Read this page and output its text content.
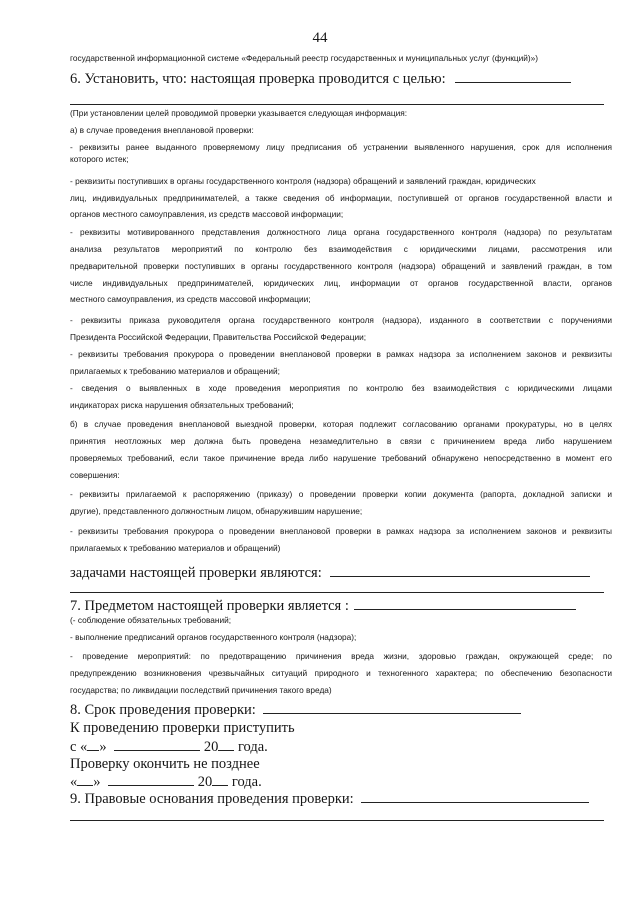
44
государственной информационной системе «Федеральный реестр государственных и муниципальных услуг (функций)»)
6. Установить, что: настоящая проверка проводится с целью:
(При установлении целей проводимой проверки указывается следующая информация:
а) в случае проведения внеплановой проверки:
- реквизиты ранее выданного проверяемому лицу предписания об устранении выявленного нарушения, срок для исполнения
которого истек;
- реквизиты поступивших в органы государственного контроля (надзора) обращений и заявлений граждан, юридических
лиц, индивидуальных предпринимателей, а также сведения об информации, поступившей от органов государственной власти и
органов местного самоуправления, из средств массовой информации;
- реквизиты мотивированного представления должностного лица органа государственного контроля (надзора) по результатам
анализа результатов мероприятий по контролю без взаимодействия с юридическими лицами, рассмотрения или
предварительной проверки поступивших в органы государственного контроля (надзора) обращений и заявлений граждан, в том
числе индивидуальных предпринимателей, юридических лиц, информации от органов государственной власти, органов
местного самоуправления, из средств массовой информации;
- реквизиты приказа руководителя органа государственного контроля (надзора), изданного в соответствии с поручениями
Президента Российской Федерации, Правительства Российской Федерации;
- реквизиты требования прокурора о проведении внеплановой проверки в рамках надзора за исполнением законов и реквизиты
прилагаемых к требованию материалов и обращений;
- сведения о выявленных в ходе проведения мероприятия по контролю без взаимодействия с юридическими лицами
индикаторах риска нарушения обязательных требований;
б) в случае проведения внеплановой выездной проверки, которая подлежит согласованию органами прокуратуры, но в целях
принятия неотложных мер должна быть проведена незамедлительно в связи с причинением вреда либо нарушением
проверяемых требований, если такое причинение вреда либо нарушение требований обнаружено непосредственно в момент его
совершения:
- реквизиты прилагаемой к распоряжению (приказу) о проведении проверки копии документа (рапорта, докладной записки и
другие), представленного должностным лицом, обнаружившим нарушение;
- реквизиты требования прокурора о проведении внеплановой проверки в рамках надзора за исполнением законов и реквизиты
прилагаемых к требованию материалов и обращений)
задачами настоящей проверки являются:
7. Предметом настоящей проверки является :
(- соблюдение обязательных требований;
- выполнение предписаний органов государственного контроля (надзора);
- проведение мероприятий: по предотвращению причинения вреда жизни, здоровью граждан, окружающей среде; по
предупреждению возникновения чрезвычайных ситуаций природного и техногенного характера; по обеспечению безопасности
государства; по ликвидации последствий причинения такого вреда)
8. Срок проведения проверки:
К проведению проверки приступить
с « »	20 года.
Проверку окончить не позднее
« »	20 года.
9. Правовые основания проведения проверки:
